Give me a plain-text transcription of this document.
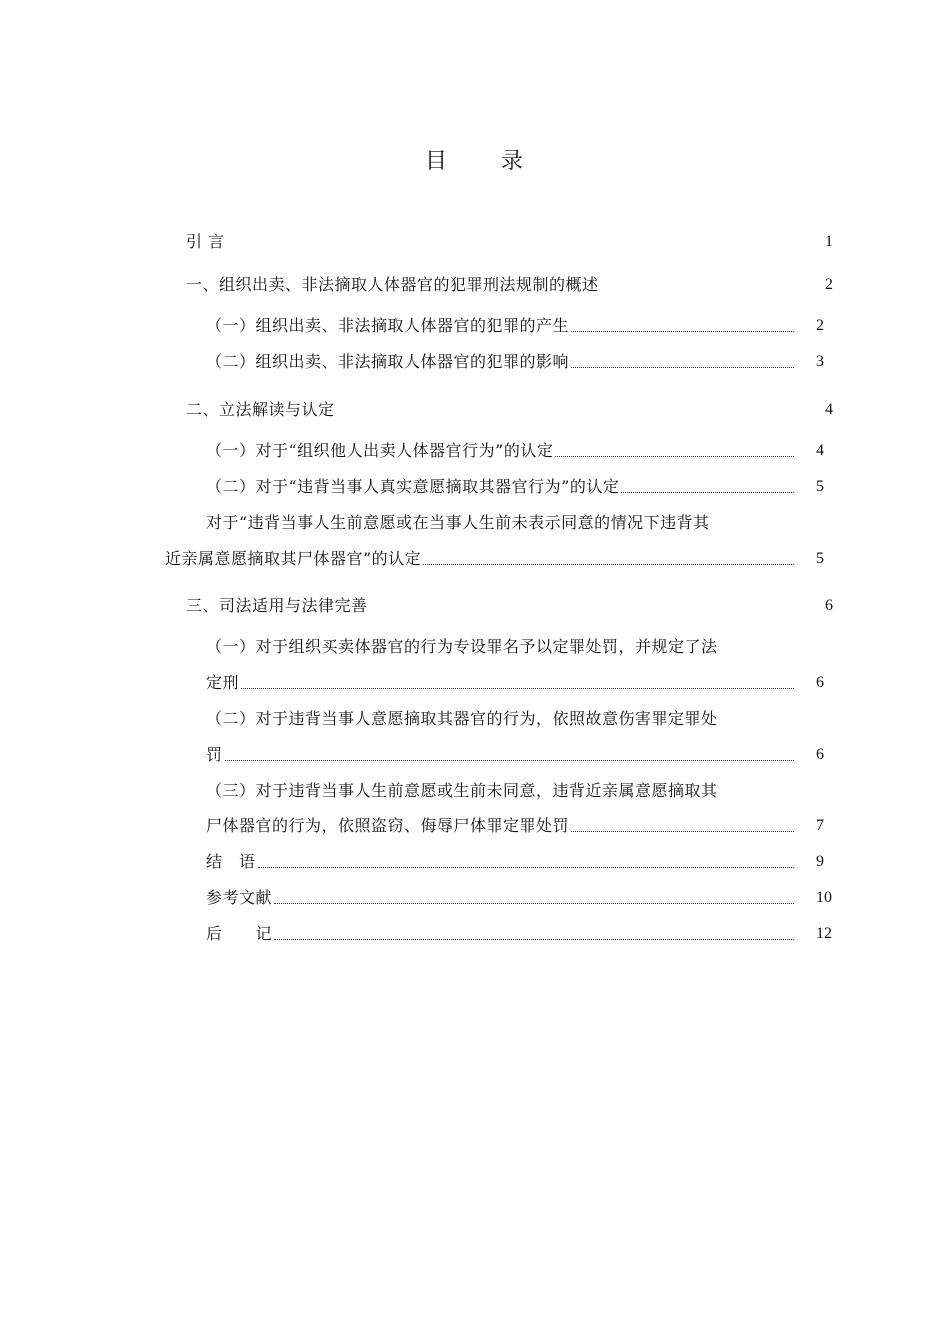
目 录
引 言	1
一、组织出卖、非法摘取人体器官的犯罪刑法规制的概述	2
（一）组织出卖、非法摘取人体器官的犯罪的产生	2
（二）组织出卖、非法摘取人体器官的犯罪的影响	3
二、立法解读与认定	4
（一）对于“组织他人出卖人体器官行为”的认定	4
（二）对于“违背当事人真实意愿摘取其器官行为”的认定	5
对于“违背当事人生前意愿或在当事人生前未表示同意的情况下违背其
近亲属意愿摘取其尸体器官”的认定	5
三、司法适用与法律完善	6
（一）对于组织买卖体器官的行为专设罪名予以定罪处罚，并规定了法
定刑	6
（二）对于违背当事人意愿摘取其器官的行为，依照故意伤害罪定罪处
罚	6
（三）对于违背当事人生前意愿或生前未同意，违背近亲属意愿摘取其
尸体器官的行为，依照盗窃、侮辱尸体罪定罪处罚	7
结　语	9
参考文献	10
后　　记	12
